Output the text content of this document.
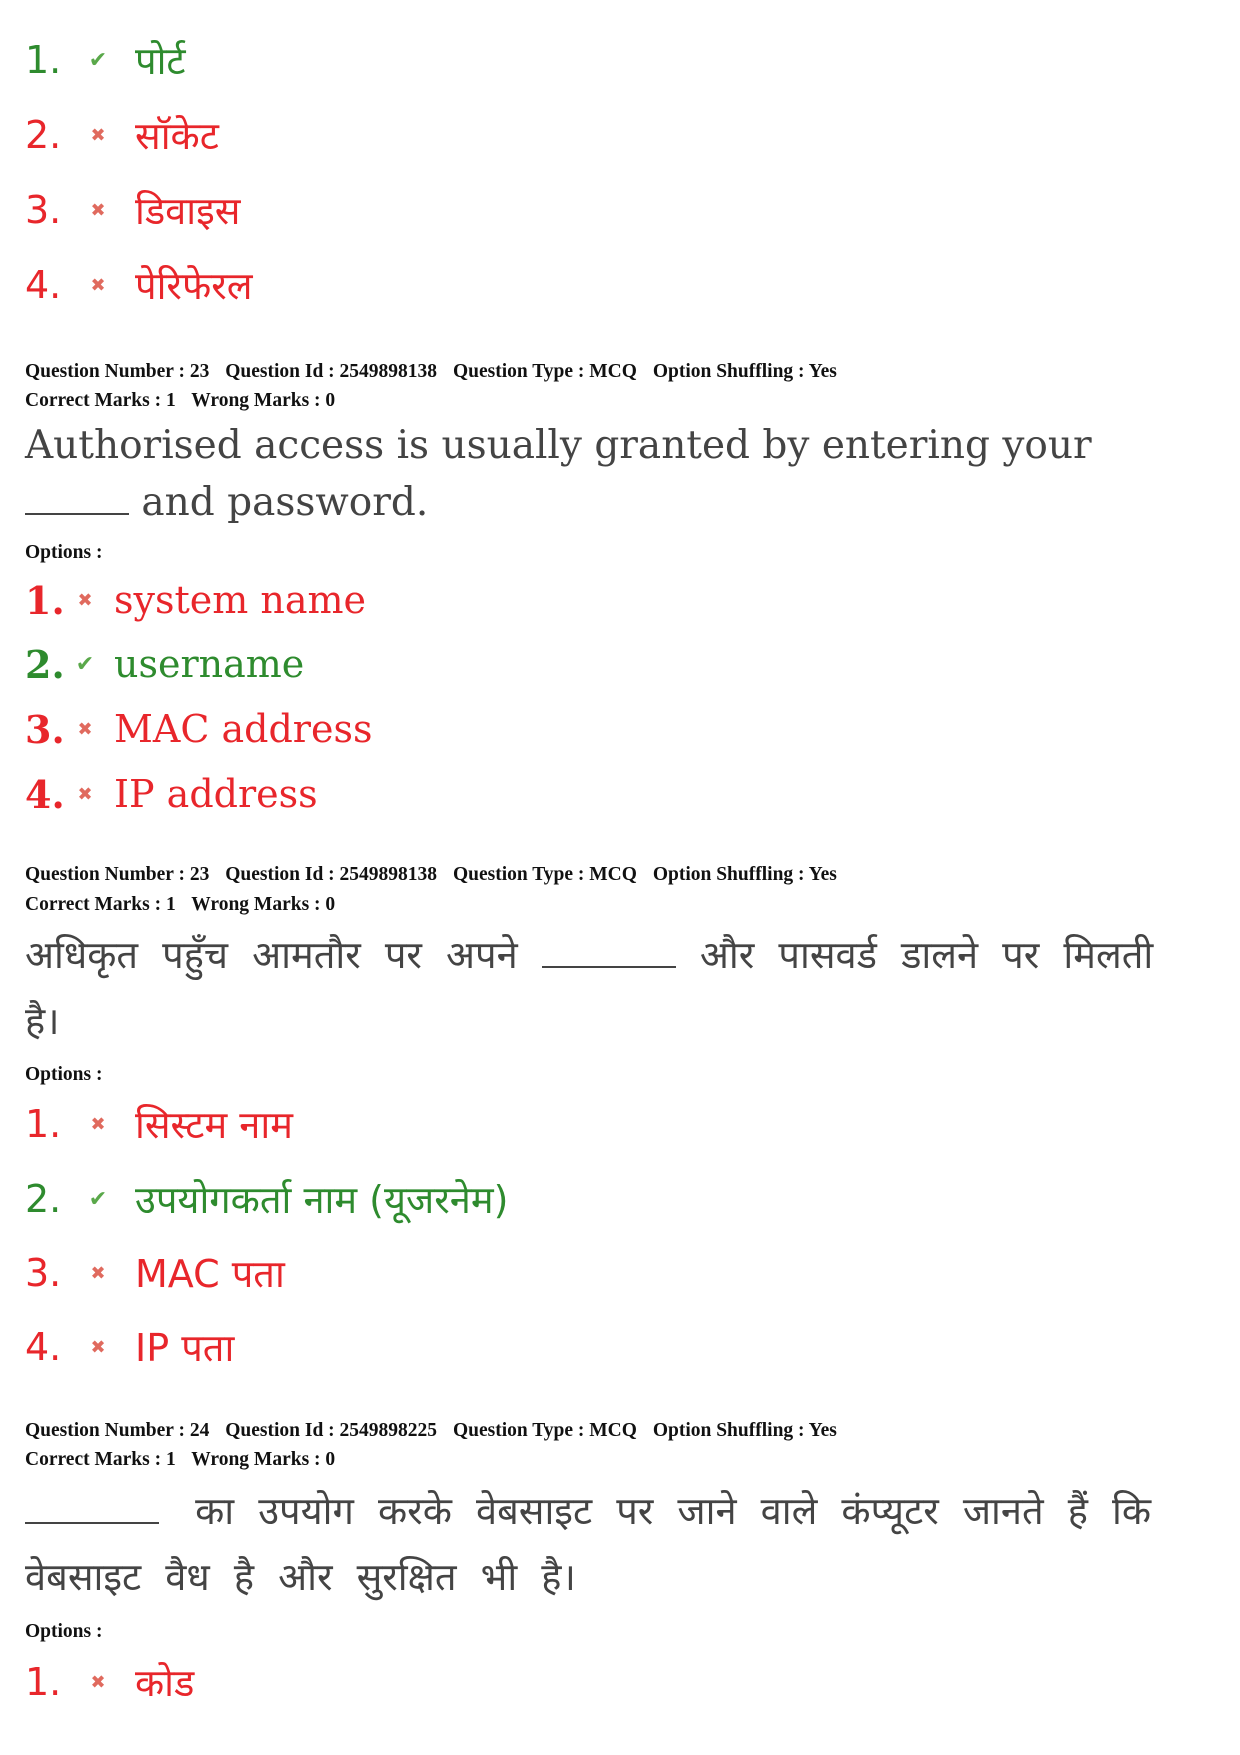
1.	✔ पोर्ट
2.	✖ सॉकेट
3.	✖ डिवाइस
4.	✖ पेरिफेरल
Question Number : 23 Question Id : 2549898138 Question Type : MCQ Option Shuffling : Yes
Correct Marks : 1 Wrong Marks : 0
Authorised access is usually granted by entering your  and password.
Options :
1. ✖ system name
2. ✔ username
3. ✖ MAC address
4. ✖ IP address
Question Number : 23 Question Id : 2549898138 Question Type : MCQ Option Shuffling : Yes
Correct Marks : 1 Wrong Marks : 0
अधिकृत पहुँच आमतौर पर अपने	और पासवर्ड डालने पर मिलती है।
Options :
1.	✖ सिस्टम नाम
2.	✔ उपयोगकर्ता नाम (यूजरनेम)
3.	✖ MAC पता
4.	✖ IP पता
Question Number : 24 Question Id : 2549898225 Question Type : MCQ Option Shuffling : Yes
Correct Marks : 1 Wrong Marks : 0
का उपयोग करके वेबसाइट पर जाने वाले कंप्यूटर जानते हैं कि वेबसाइट वैध है और सुरक्षित भी है।
Options :
1.	✖ कोड
